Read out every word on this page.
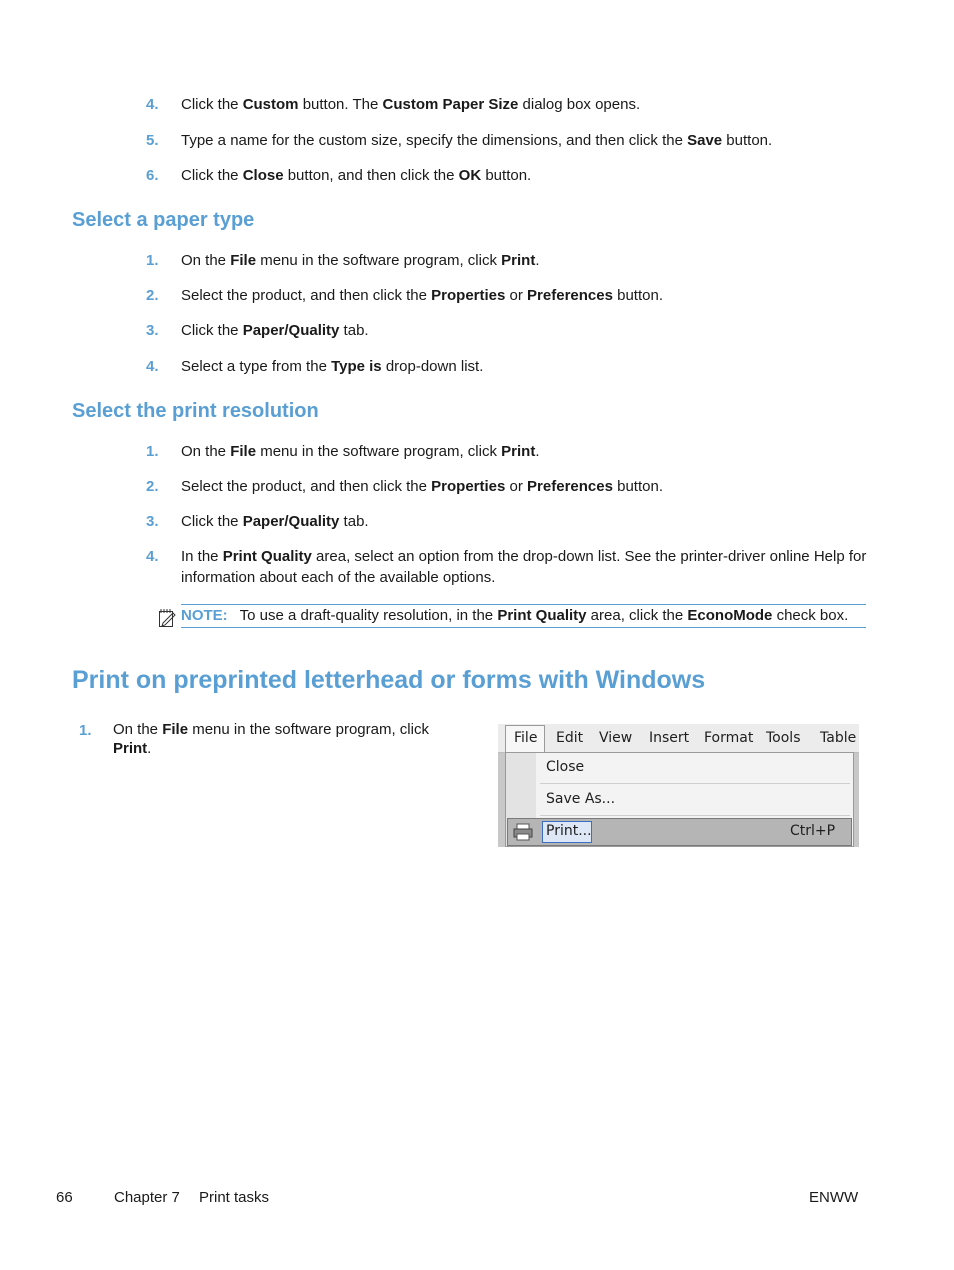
4.	Click the Custom button. The Custom Paper Size dialog box opens.
5.	Type a name for the custom size, specify the dimensions, and then click the Save button.
6.	Click the Close button, and then click the OK button.
Select a paper type
1.	On the File menu in the software program, click Print.
2.	Select the product, and then click the Properties or Preferences button.
3.	Click the Paper/Quality tab.
4.	Select a type from the Type is drop-down list.
Select the print resolution
1.	On the File menu in the software program, click Print.
2.	Select the product, and then click the Properties or Preferences button.
3.	Click the Paper/Quality tab.
4.	In the Print Quality area, select an option from the drop-down list. See the printer-driver online Help for information about each of the available options.
NOTE: To use a draft-quality resolution, in the Print Quality area, click the EconoMode check box.
Print on preprinted letterhead or forms with Windows
1.	On the File menu in the software program, click Print.
File Edit View Insert Format Tools Table
Close
Save As...
Print...	Ctrl+P
66	Chapter 7 Print tasks	ENWW
